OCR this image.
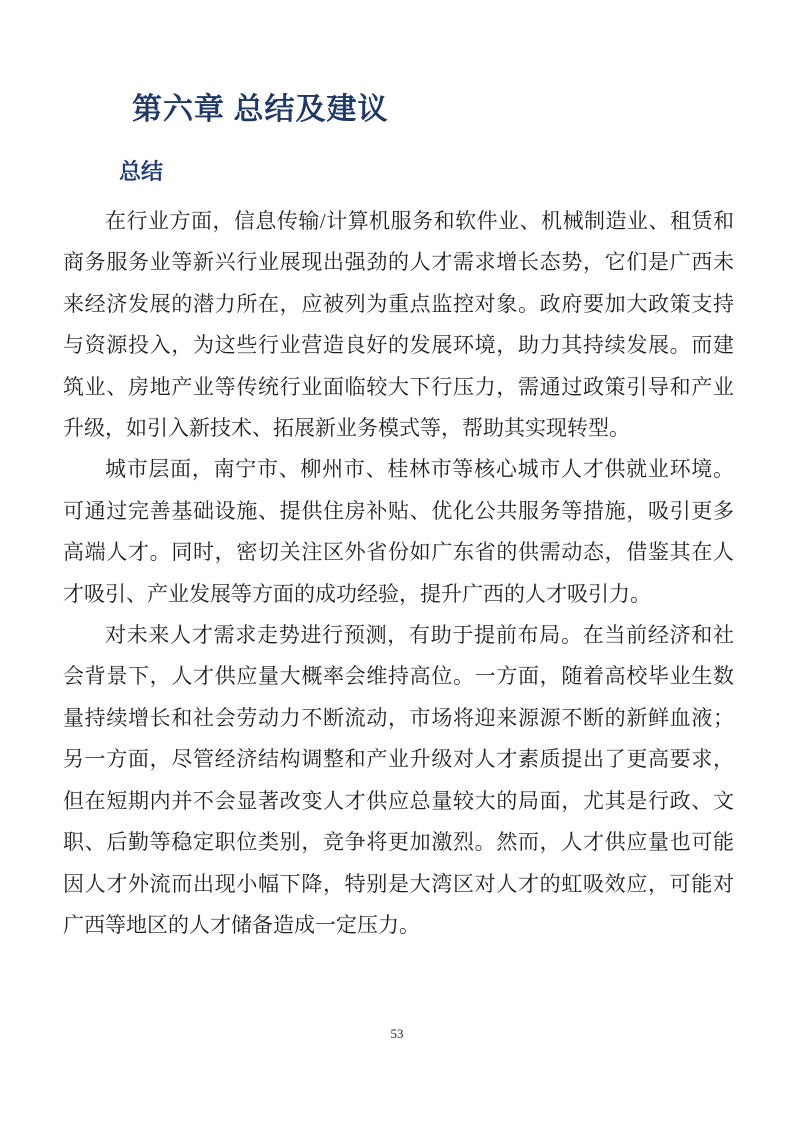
第六章 总结及建议
总结

在行业方面，信息传输/计算机服务和软件业、机械制造业、租赁和商务服务业等新兴行业展现出强劲的人才需求增长态势，它们是广西未来经济发展的潜力所在，应被列为重点监控对象。政府要加大政策支持与资源投入，为这些行业营造良好的发展环境，助力其持续发展。而建筑业、房地产业等传统行业面临较大下行压力，需通过政策引导和产业升级，如引入新技术、拓展新业务模式等，帮助其实现转型。

城市层面，南宁市、柳州市、桂林市等核心城市人才供就业环境。可通过完善基础设施、提供住房补贴、优化公共服务等措施，吸引更多高端人才。同时，密切关注区外省份如广东省的供需动态，借鉴其在人才吸引、产业发展等方面的成功经验，提升广西的人才吸引力。

对未来人才需求走势进行预测，有助于提前布局。在当前经济和社会背景下，人才供应量大概率会维持高位。一方面，随着高校毕业生数量持续增长和社会劳动力不断流动，市场将迎来源源不断的新鲜血液；另一方面，尽管经济结构调整和产业升级对人才素质提出了更高要求，但在短期内并不会显著改变人才供应总量较大的局面，尤其是行政、文职、后勤等稳定职位类别，竞争将更加激烈。然而，人才供应量也可能因人才外流而出现小幅下降，特别是大湾区对人才的虹吸效应，可能对广西等地区的人才储备造成一定压力。

53
